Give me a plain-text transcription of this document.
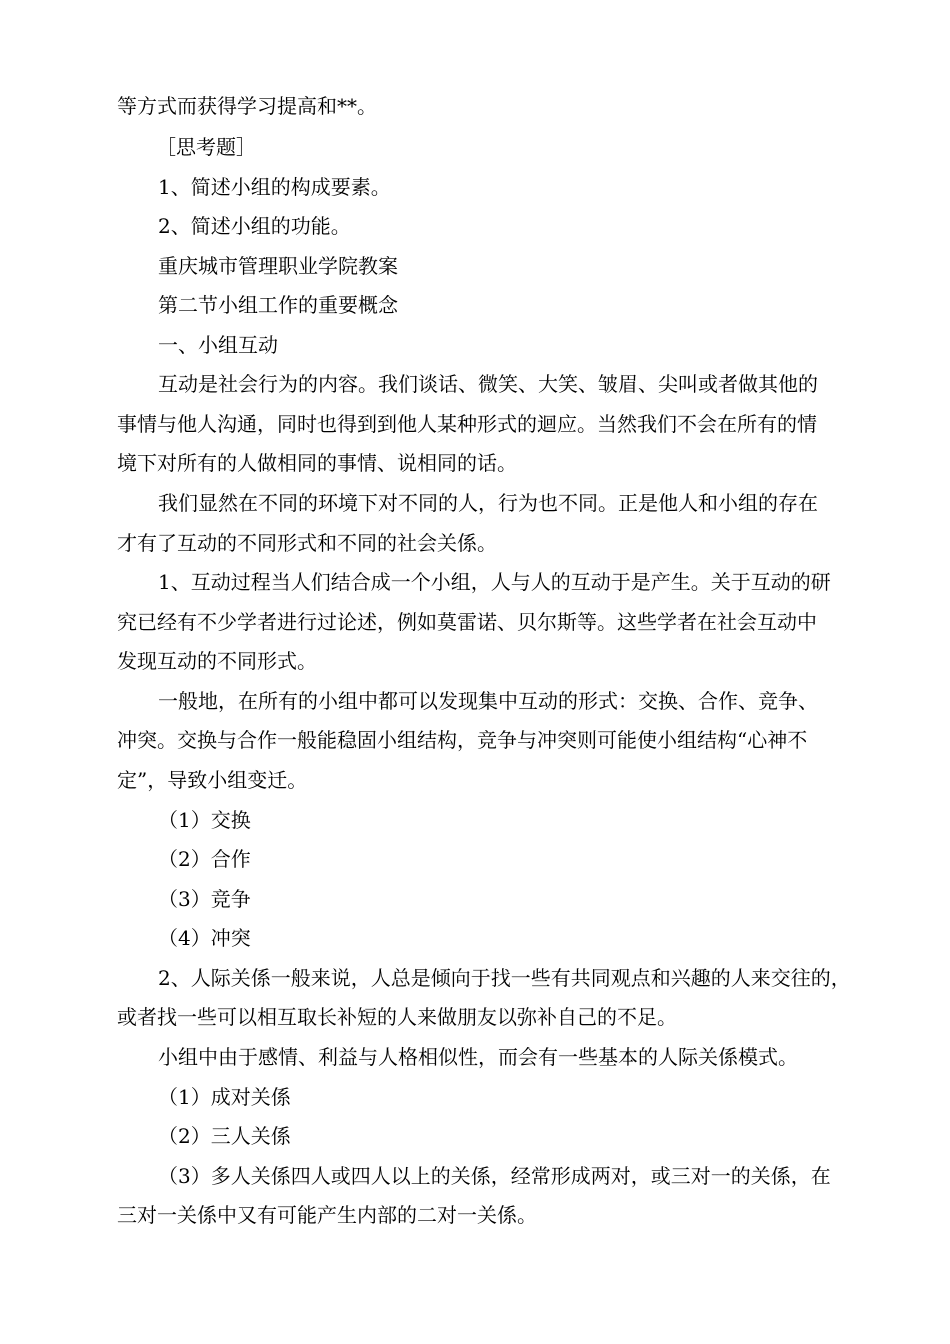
等方式而获得学习提高和**。
［思考题］
1、简述小组的构成要素。
2、简述小组的功能。
重庆城市管理职业学院教案
第二节小组工作的重要概念
一、小组互动
互动是社会行为的内容。我们谈话、微笑、大笑、皱眉、尖叫或者做其他的
事情与他人沟通，同时也得到到他人某种形式的迴应。当然我们不会在所有的情
境下对所有的人做相同的事情、说相同的话。
我们显然在不同的环境下对不同的人，行为也不同。正是他人和小组的存在
才有了互动的不同形式和不同的社会关係。
1、互动过程当人们结合成一个小组，人与人的互动于是产生。关于互动的研
究已经有不少学者进行过论述，例如莫雷诺、贝尔斯等。这些学者在社会互动中
发现互动的不同形式。
一般地，在所有的小组中都可以发现集中互动的形式：交换、合作、竞争、
冲突。交换与合作一般能稳固小组结构，竞争与冲突则可能使小组结构“心神不
定”，导致小组变迁。
（1）交换
（2）合作
（3）竞争
（4）冲突
2、人际关係一般来说，人总是倾向于找一些有共同观点和兴趣的人来交往的，
或者找一些可以相互取长补短的人来做朋友以弥补自己的不足。
小组中由于感情、利益与人格相似性，而会有一些基本的人际关係模式。
（1）成对关係
（2）三人关係
（3）多人关係四人或四人以上的关係，经常形成两对，或三对一的关係，在
三对一关係中又有可能产生内部的二对一关係。
